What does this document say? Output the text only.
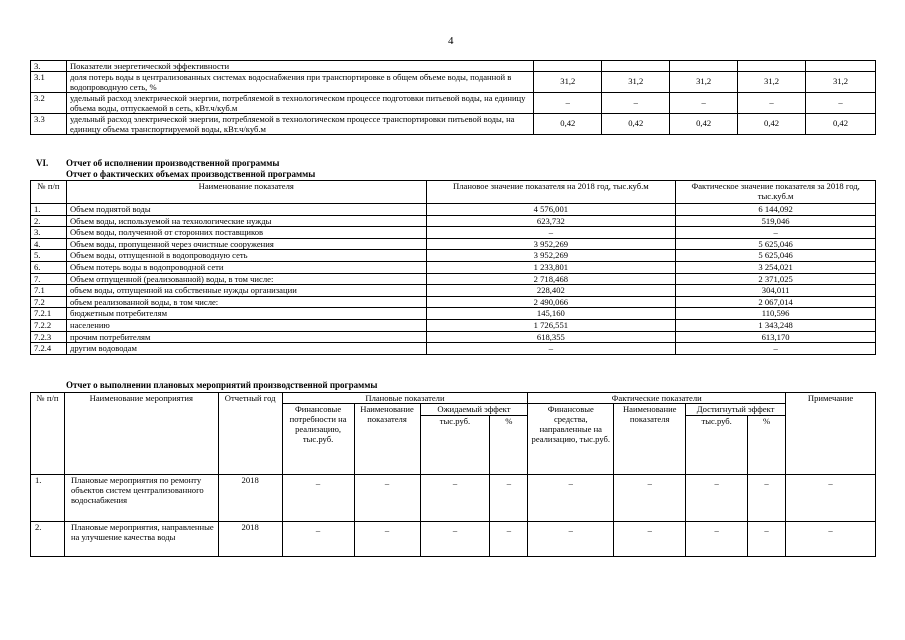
4
3.	Показатели энергетической эффективности					
3.1	доля потерь воды в централизованных системах водоснабжения при транспортировке в общем объеме воды, поданной в водопроводную сеть, %	31,2	31,2	31,2	31,2	31,2
3.2	удельный расход электрической энергии, потребляемой в технологическом процессе подготовки питьевой воды, на единицу объема воды, отпускаемой в сеть, кВт.ч/куб.м	–	–	–	–	–
3.3	удельный расход электрической энергии, потребляемой в технологическом процессе транспортировки питьевой воды, на единицу объема транспортируемой воды, кВт.ч/куб.м	0,42	0,42	0,42	0,42	0,42
VI. Отчет об исполнении производственной программы
Отчет о фактических объемах производственной программы
№ п/п	Наименование показателя	Плановое значение показателя на 2018 год, тыс.куб.м	Фактическое значение показателя за 2018 год, тыс.куб.м
1.	Объем поднятой воды	4 576,001	6 144,092
2.	Объем воды, используемой на технологические нужды	623,732	519,046
3.	Объем воды, полученной от сторонних поставщиков	–	–
4.	Объем воды, пропущенной через очистные сооружения	3 952,269	5 625,046
5.	Объем воды, отпущенной в водопроводную сеть	3 952,269	5 625,046
6.	Объем потерь воды в водопроводной сети	1 233,801	3 254,021
7.	Объем отпущенной (реализованной) воды, в том числе:	2 718,468	2 371,025
7.1	объем воды, отпущенной на собственные нужды организации	228,402	304,011
7.2	объем реализованной воды, в том числе:	2 490,066	2 067,014
7.2.1	бюджетным потребителям	145,160	110,596
7.2.2	населению	1 726,551	1 343,248
7.2.3	прочим потребителям	618,355	613,170
7.2.4	другим водоводам	–	–
Отчет о выполнении плановых мероприятий производственной программы
№ п/п	Наименование мероприятия	Отчетный год	Плановые показатели				Фактические показатели				Примечание
			Финансовые потребности на реализацию, тыс.руб.	Наименование показателя	Ожидаемый эффект		Финансовые средства, направленные на реализацию, тыс.руб.	Наименование показателя	Достигнутый эффект		
					тыс.руб.	%			тыс.руб.	%	
1.	Плановые мероприятия по ремонту объектов систем централизованного водоснабжения	2018	–	–	–	–	–	–	–	–	–
2.	Плановые мероприятия, направленные на улучшение качества воды	2018	–	–	–	–	–	–	–	–	–
